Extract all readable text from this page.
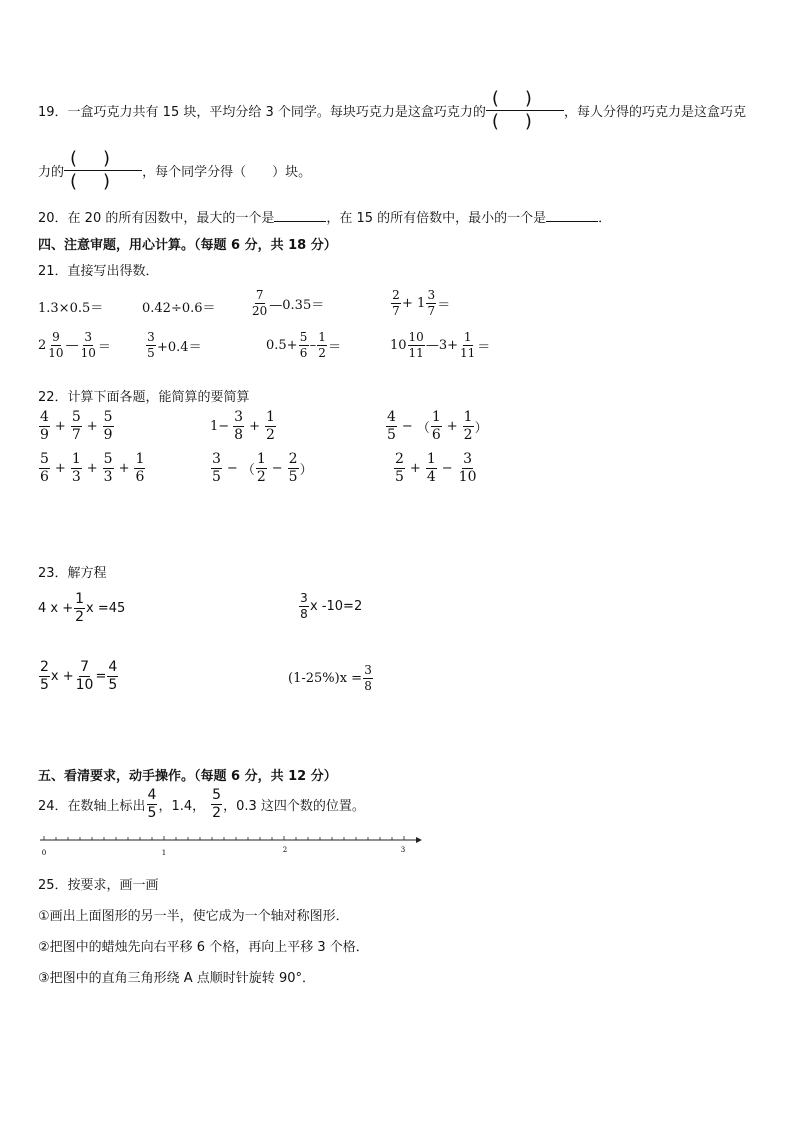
19．一盒巧克力共有 15 块，平均分给 3 个同学。每块巧克力是这盒巧克力的
()
() ，每人分得的巧克力是这盒巧克
力的
()
() ，每个同学分得（　　）块。
20．在 20 的所有因数中，最大的一个是	，在 15 的所有倍数中，最小的一个是	．
四、注意审题，用心计算。（每题 6 分，共 18 分）
21．直接写出得数．
1.3×0.5＝	0.42÷0.6＝	$\frac{7}{20}$ —0.35＝	$\frac{2}{7} + 1 \frac{3}{7}$ ＝
$2 \frac{9}{10}$ — $\frac{3}{10}$ ＝	$\frac{3}{5} +0.4=$	$0.5+ \frac{5}{6} - \frac{1}{2}$ ＝	$10 \frac{10}{11}$ —3+ $\frac{1}{11}$ ＝
22．计算下面各题，能简算的要简算
$\frac{4}{9} + \frac{5}{7} + \frac{5}{9}$	$1- \frac{3}{8} + \frac{1}{2}$	$\frac{4}{5}$ − （ $\frac{1}{6} + \frac{1}{2}$ ）
$\frac{5}{6} + \frac{1}{3} + \frac{5}{3} + \frac{1}{6}$	$\frac{3}{5}$ − （ $\frac{1}{2} - \frac{2}{5}$ ）	$\frac{2}{5} + \frac{1}{4} - \frac{3}{10}$
23．解方程
4 $x + \frac{1}{2}$ x =45	$\frac{3}{8}$ x -10=2
$\frac{2}{5}$ $x + \frac{7}{10} = \frac{4}{5}$	$(1-25\%)x = \frac{3}{8}$
五、看清要求，动手操作。（每题 6 分，共 12 分）
24．在数轴上标出 $\frac{4}{5}$ ，1.4， $\frac{5}{2}$ ，0.3 这四个数的位置。
0	1	2	3
25．按要求，画一画
①画出上面图形的另一半，使它成为一个轴对称图形．
②把图中的蜡烛先向右平移 6 个格，再向上平移 3 个格．
③把图中的直角三角形绕 A 点顺时针旋转 90°．
